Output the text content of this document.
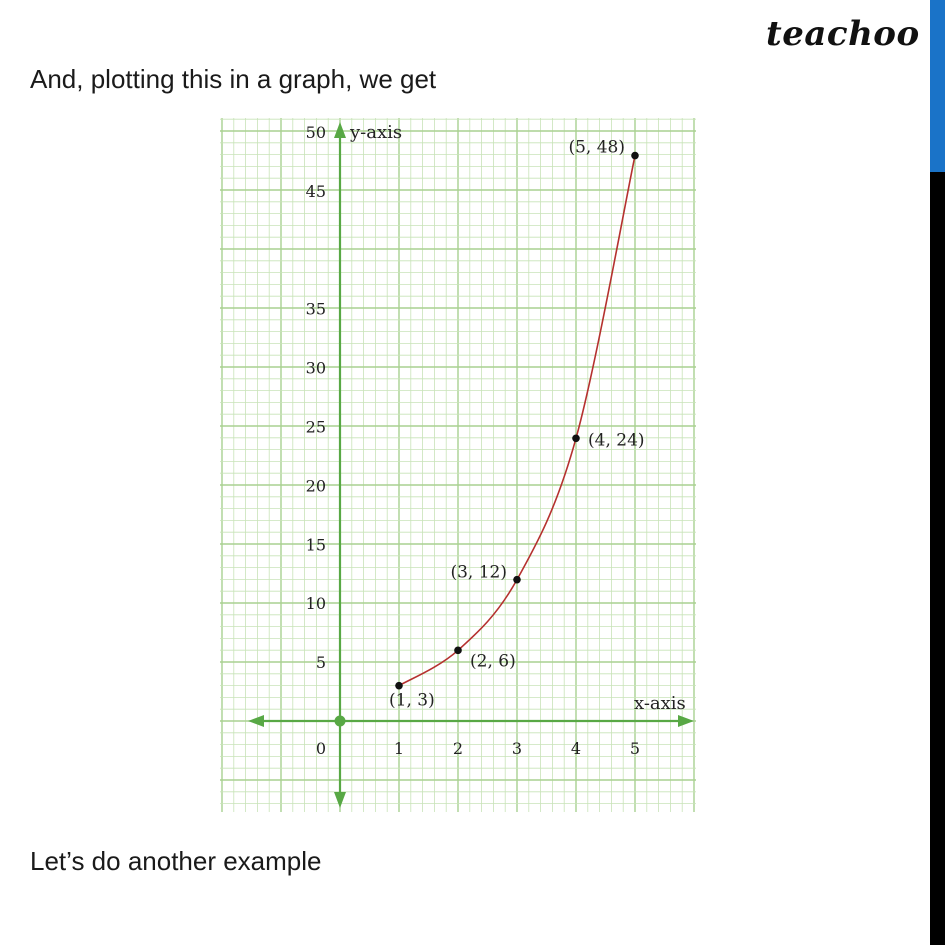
teachoo
And, plotting this in a graph, we get
(1, 3)
(2, 6)
(3, 12)
(4, 24)
(5, 48)
1	2	3	4	5
5
10
15
20
25
30
35
45
50
0
y-axis
x-axis
Let’s do another example
